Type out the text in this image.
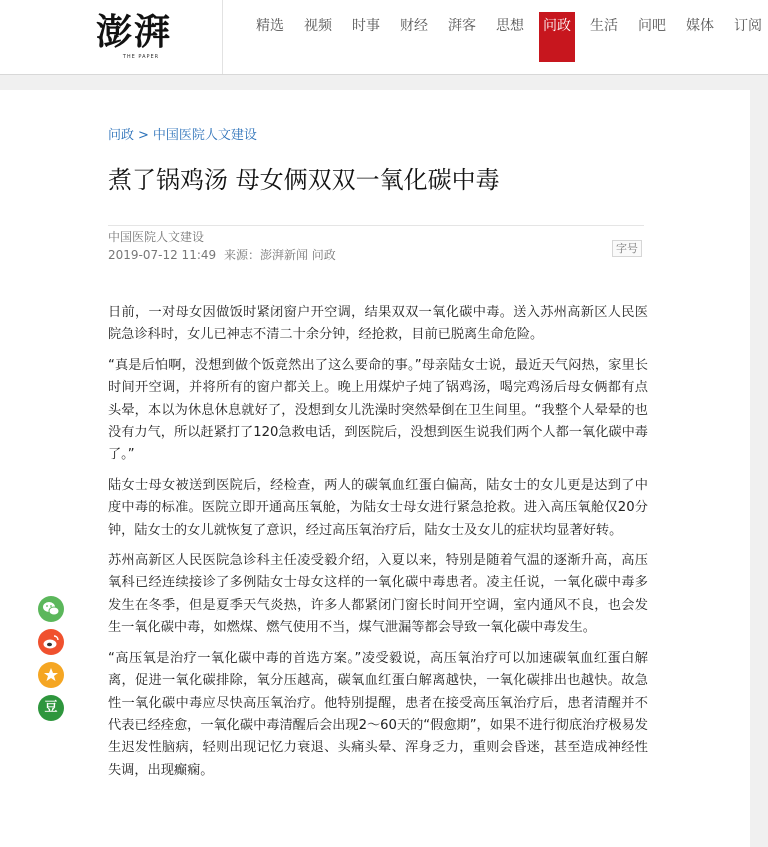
澎湃
THE PAPER
精选 视频 时事 财经 湃客 思想 问政 生活 问吧 媒体 订阅
问政 > 中国医院人文建设
煮了锅鸡汤 母女俩双双一氧化碳中毒
中国医院人文建设
2019-07-12 11:49 来源：澎湃新闻 问政	字号

日前，一对母女因做饭时紧闭窗户开空调，结果双双一氧化碳中毒。送入苏州高新区人民医院急诊科时，女儿已神志不清二十余分钟，经抢救，目前已脱离生命危险。

“真是后怕啊，没想到做个饭竟然出了这么要命的事。”母亲陆女士说，最近天气闷热，家里长时间开空调，并将所有的窗户都关上。晚上用煤炉子炖了锅鸡汤，喝完鸡汤后母女俩都有点头晕，本以为休息休息就好了，没想到女儿洗澡时突然晕倒在卫生间里。“我整个人晕晕的也没有力气，所以赶紧打了120急救电话，到医院后，没想到医生说我们两个人都一氧化碳中毒了。”

陆女士母女被送到医院后，经检查，两人的碳氧血红蛋白偏高，陆女士的女儿更是达到了中度中毒的标准。医院立即开通高压氧舱，为陆女士母女进行紧急抢救。进入高压氧舱仅20分钟，陆女士的女儿就恢复了意识，经过高压氧治疗后，陆女士及女儿的症状均显著好转。

苏州高新区人民医院急诊科主任凌受毅介绍，入夏以来，特别是随着气温的逐渐升高，高压氧科已经连续接诊了多例陆女士母女这样的一氧化碳中毒患者。凌主任说，一氧化碳中毒多发生在冬季，但是夏季天气炎热，许多人都紧闭门窗长时间开空调，室内通风不良，也会发生一氧化碳中毒，如燃煤、燃气使用不当，煤气泄漏等都会导致一氧化碳中毒发生。

“高压氧是治疗一氧化碳中毒的首选方案。”凌受毅说，高压氧治疗可以加速碳氧血红蛋白解离，促进一氧化碳排除，氧分压越高，碳氧血红蛋白解离越快，一氧化碳排出也越快。故急性一氧化碳中毒应尽快高压氧治疗。他特别提醒，患者在接受高压氧治疗后，患者清醒并不代表已经痊愈，一氧化碳中毒清醒后会出现2～60天的“假愈期”，如果不进行彻底治疗极易发生迟发性脑病，轻则出现记忆力衰退、头痛头晕、浑身乏力，重则会昏迷，甚至造成神经性失调，出现癫痫。

豆
